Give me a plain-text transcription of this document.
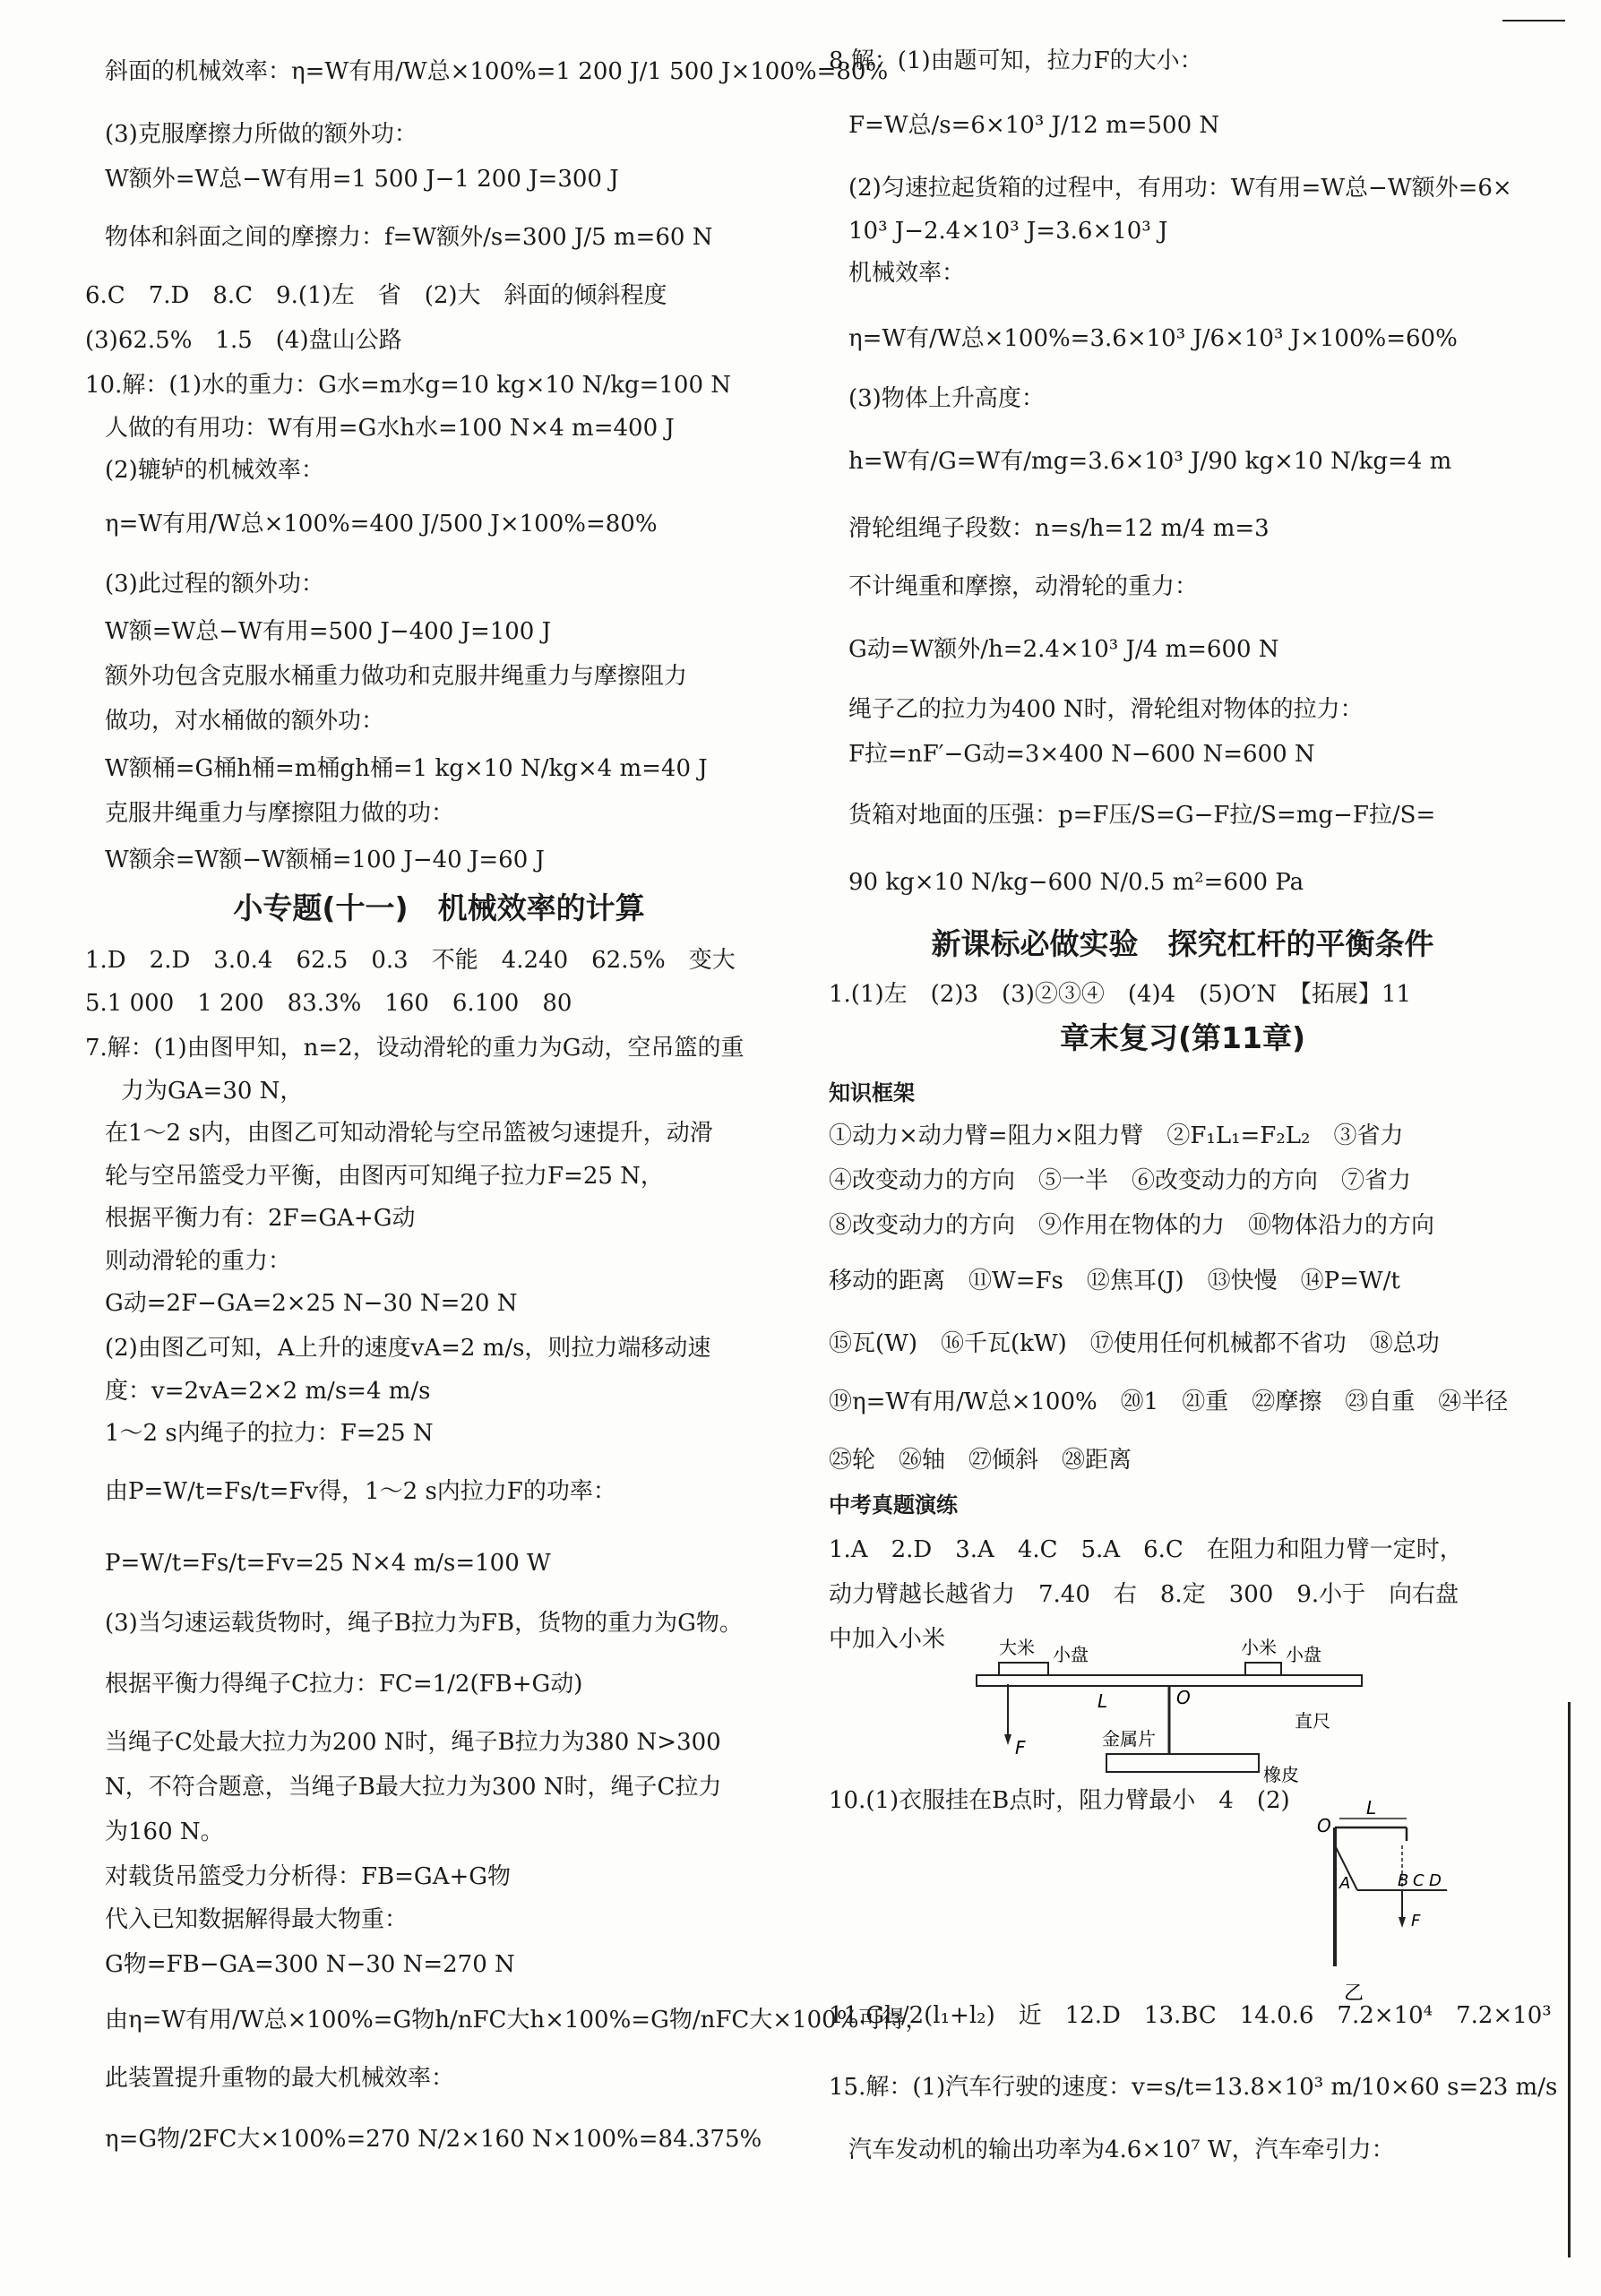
斜面的机械效率：η=W有用/W总×100%=1 200 J/1 500 J×100%=80%
(3)克服摩擦力所做的额外功：
W额外=W总−W有用=1 500 J−1 200 J=300 J
物体和斜面之间的摩擦力：f=W额外/s=300 J/5 m=60 N
6.C　7.D　8.C　9.(1)左　省　(2)大　斜面的倾斜程度
(3)62.5%　1.5　(4)盘山公路
10.解：(1)水的重力：G水=m水g=10 kg×10 N/kg=100 N
人做的有用功：W有用=G水h水=100 N×4 m=400 J
(2)辘轳的机械效率：
η=W有用/W总×100%=400 J/500 J×100%=80%
(3)此过程的额外功：
W额=W总−W有用=500 J−400 J=100 J
额外功包含克服水桶重力做功和克服井绳重力与摩擦阻力
做功，对水桶做的额外功：
W额桶=G桶h桶=m桶gh桶=1 kg×10 N/kg×4 m=40 J
克服井绳重力与摩擦阻力做的功：
W额余=W额−W额桶=100 J−40 J=60 J
小专题(十一)　机械效率的计算
1.D　2.D　3.0.4　62.5　0.3　不能　4.240　62.5%　变大
5.1 000　1 200　83.3%　160　6.100　80
7.解：(1)由图甲知，n=2，设动滑轮的重力为G动，空吊篮的重
力为GA=30 N，
在1～2 s内，由图乙可知动滑轮与空吊篮被匀速提升，动滑
轮与空吊篮受力平衡，由图丙可知绳子拉力F=25 N，
根据平衡力有：2F=GA+G动
则动滑轮的重力：
G动=2F−GA=2×25 N−30 N=20 N
(2)由图乙可知，A上升的速度vA=2 m/s，则拉力端移动速
度：v=2vA=2×2 m/s=4 m/s
1～2 s内绳子的拉力：F=25 N
由P=W/t=Fs/t=Fv得，1～2 s内拉力F的功率：
P=W/t=Fs/t=Fv=25 N×4 m/s=100 W
(3)当匀速运载货物时，绳子B拉力为FB，货物的重力为G物。
根据平衡力得绳子C拉力：FC=1/2(FB+G动)
当绳子C处最大拉力为200 N时，绳子B拉力为380 N>300
N，不符合题意，当绳子B最大拉力为300 N时，绳子C拉力
为160 N。
对载货吊篮受力分析得：FB=GA+G物
代入已知数据解得最大物重：
G物=FB−GA=300 N−30 N=270 N
由η=W有用/W总×100%=G物h/nFC大h×100%=G物/nFC大×100%可得，
此装置提升重物的最大机械效率：
η=G物/2FC大×100%=270 N/2×160 N×100%=84.375%
8.解：(1)由题可知，拉力F的大小：
F=W总/s=6×10³ J/12 m=500 N
(2)匀速拉起货箱的过程中，有用功：W有用=W总−W额外=6×
10³ J−2.4×10³ J=3.6×10³ J
机械效率：
η=W有/W总×100%=3.6×10³ J/6×10³ J×100%=60%
(3)物体上升高度：
h=W有/G=W有/mg=3.6×10³ J/90 kg×10 N/kg=4 m
滑轮组绳子段数：n=s/h=12 m/4 m=3
不计绳重和摩擦，动滑轮的重力：
G动=W额外/h=2.4×10³ J/4 m=600 N
绳子乙的拉力为400 N时，滑轮组对物体的拉力：
F拉=nF′−G动=3×400 N−600 N=600 N
货箱对地面的压强：p=F压/S=G−F拉/S=mg−F拉/S=
90 kg×10 N/kg−600 N/0.5 m²=600 Pa
新课标必做实验　探究杠杆的平衡条件
1.(1)左　(2)3　(3)②③④　(4)4　(5)O′N　【拓展】11
章末复习(第11章)
知识框架
①动力×动力臂=阻力×阻力臂　②F₁L₁=F₂L₂　③省力
④改变动力的方向　⑤一半　⑥改变动力的方向　⑦省力
⑧改变动力的方向　⑨作用在物体的力　⑩物体沿力的方向
移动的距离　⑪W=Fs　⑫焦耳(J)　⑬快慢　⑭P=W/t
⑮瓦(W)　⑯千瓦(kW)　⑰使用任何机械都不省功　⑱总功
⑲η=W有用/W总×100%　⑳1　㉑重　㉒摩擦　㉓自重　㉔半径
㉕轮　㉖轴　㉗倾斜　㉘距离
中考真题演练
1.A　2.D　3.A　4.C　5.A　6.C　在阻力和阻力臂一定时，
动力臂越长越省力　7.40　右　8.定　300　9.小于　向右盘
中加入小米
10.(1)衣服挂在B点时，阻力臂最小　4　(2)
11.Gl₃/2(l₁+l₂)　近　12.D　13.BC　14.0.6　7.2×10⁴　7.2×10³
15.解：(1)汽车行驶的速度：v=s/t=13.8×10³ m/10×60 s=23 m/s
汽车发动机的输出功率为4.6×10⁷ W，汽车牵引力：
大米 小盘	小米 小盘
L	O
F	金属片
直尺
橡皮
O
L
A	B C D
F
乙
